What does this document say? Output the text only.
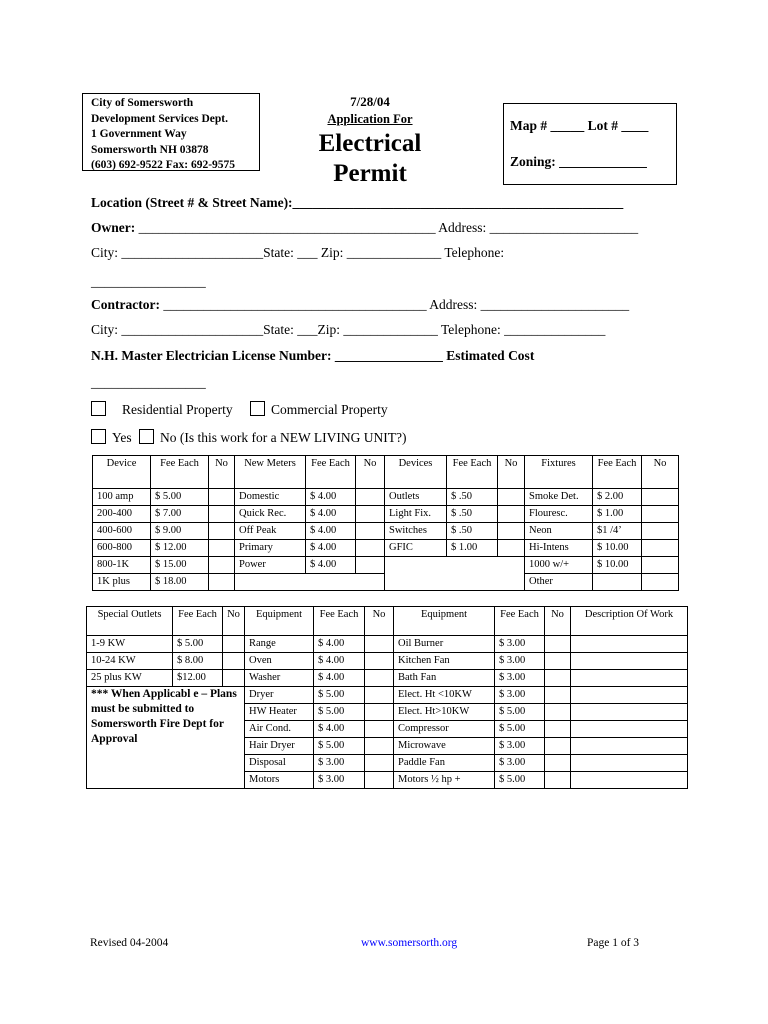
City of Somersworth
Development Services Dept.
1 Government Way
Somersworth NH 03878
(603) 692-9522 Fax: 692-9575
7/28/04
Application For
Electrical
Permit
Map # _____ Lot # ____
Zoning: _____________
Location (Street # & Street Name):_________________________________________________
Owner: ____________________________________________ Address: ______________________
City: _____________________State: ___ Zip: ______________ Telephone:
_________________
Contractor: _______________________________________ Address: ______________________
City: _____________________State: ___Zip: ______________ Telephone: _______________
N.H. Master Electrician License Number: ________________ Estimated Cost
_________________
Residential Property	Commercial Property
Yes No (Is this work for a NEW LIVING UNIT?)
Device	Fee Each	No	New Meters	Fee Each	No	Devices	Fee Each	No	Fixtures	Fee Each	No
100 amp	$ 5.00		Domestic	$ 4.00		Outlets	$ .50		Smoke Det.	$ 2.00	
200-400	$ 7.00		Quick Rec.	$ 4.00		Light Fix.	$ .50		Flouresc.	$ 1.00	
400-600	$ 9.00		Off Peak	$ 4.00		Switches	$ .50		Neon	$1 /4’	
600-800	$ 12.00		Primary	$ 4.00		GFIC	$ 1.00		Hi-Intens	$ 10.00	
800-1K	$ 15.00		Power	$ 4.00					1000 w/+	$ 10.00	
1K plus	$ 18.00								Other		
Special Outlets	Fee Each	No	Equipment	Fee Each	No	Equipment	Fee Each	No	Description Of Work
1-9 KW	$ 5.00		Range	$ 4.00		Oil Burner	$ 3.00		
10-24 KW	$ 8.00		Oven	$ 4.00		Kitchen Fan	$ 3.00		
25 plus KW	$12.00		Washer	$ 4.00		Bath Fan	$ 3.00		
*** When Applicabl e – Plans must be submitted to Somersworth Fire Dept for Approval			Dryer	$ 5.00		Elect. Ht <10KW	$ 3.00		
			HW Heater	$ 5.00		Elect. Ht>10KW	$ 5.00		
			Air Cond.	$ 4.00		Compressor	$ 5.00		
			Hair Dryer	$ 5.00		Microwave	$ 3.00		
			Disposal	$ 3.00		Paddle Fan	$ 3.00		
			Motors	$ 3.00		Motors ½ hp +	$ 5.00		
Revised 04-2004	www.somersorth.org	Page 1 of 3
